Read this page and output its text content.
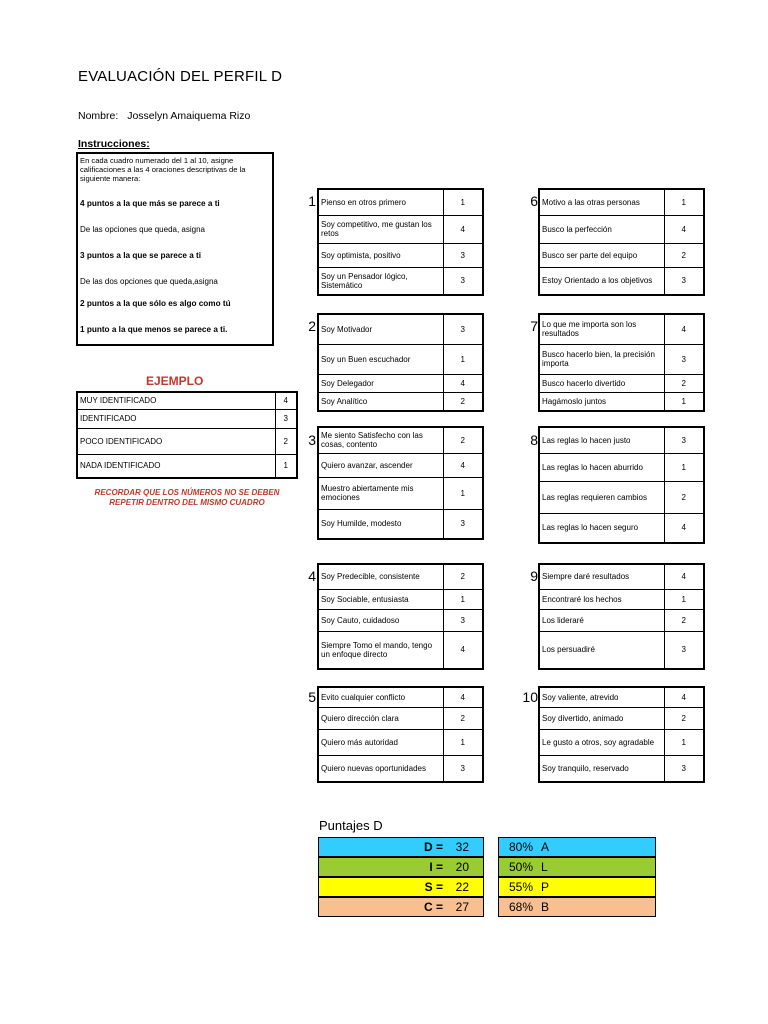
EVALUACIÓN DEL PERFIL D
Nombre: Josselyn Amaiquema Rizo
Instrucciones:
En cada cuadro numerado del 1 al 10, asigne calificaciones a las 4 oraciones descriptivas de la siguiente manera:
4 puntos a la que más se parece a ti
De las opciones que queda, asigna
3 puntos a la que se parece a ti
De las dos opciones que queda,asigna
2 puntos a la que sólo es algo como tú
1 punto a la que menos se parece a ti.
EJEMPLO
MUY IDENTIFICADO	4
IDENTIFICADO	3
POCO IDENTIFICADO	2
NADA IDENTIFICADO	1
RECORDAR QUE LOS NÚMEROS NO SE DEBEN REPETIR DENTRO DEL MISMO CUADRO
1 Pienso en otros primero	1
Soy competitivo, me gustan los retos	4
Soy optimista, positivo	3
Soy un Pensador lógico, Sistemático	3
2 Soy Motivador	3
Soy un Buen escuchador	1
Soy Delegador	4
Soy Analítico	2
3 Me siento Satisfecho con las cosas, contento	2
Quiero avanzar, ascender	4
Muestro abiertamente mis emociones	1
Soy Humilde, modesto	3
4 Soy Predecible, consistente	2
Soy Sociable, entusiasta	1
Soy Cauto, cuidadoso	3
Siempre Tomo el mando, tengo un enfoque directo	4
5 Evito cualquier conflicto	4
Quiero dirección clara	2
Quiero más autoridad	1
Quiero nuevas oportunidades	3
6 Motivo a las otras personas	1
Busco la perfección	4
Busco ser parte del equipo	2
Estoy Orientado a los objetivos	3
7 Lo que me importa son los resultados	4
Busco hacerlo bien, la precisión importa	3
Busco hacerlo divertido	2
Hagámoslo juntos	1
8 Las reglas lo hacen justo	3
Las reglas lo hacen aburrido	1
Las reglas requieren cambios	2
Las reglas lo hacen seguro	4
9 Siempre daré resultados	4
Encontraré los hechos	1
Los lideraré	2
Los persuadiré	3
10 Soy valiente, atrevido	4
Soy divertido, animado	2
Le gusto a otros, soy agradable	1
Soy tranquilo, reservado	3
Puntajes D
D = 32	80% A
I = 20	50% L
S = 22	55% P
C = 27	68% B
